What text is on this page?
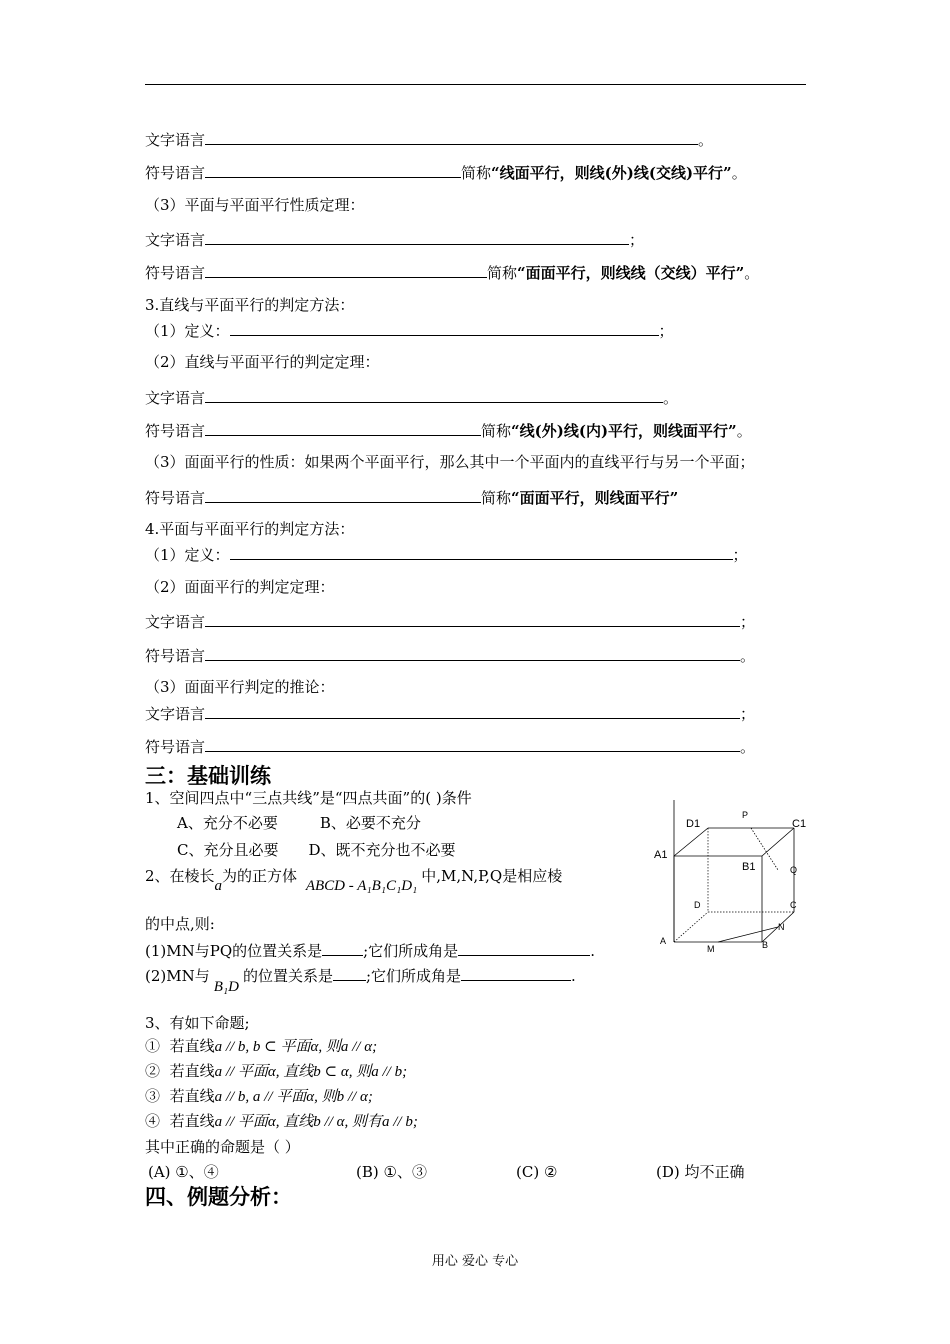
文字语言	。
符号语言	简称“线面平行，则线(外)线(交线)平行”。
（3）平面与平面平行性质定理：
文字语言	；
符号语言	简称“面面平行，则线线（交线）平行”。
3.直线与平面平行的判定方法：
（1）定义：	；
（2）直线与平面平行的判定定理：
文字语言	。
符号语言	简称“线(外)线(内)平行，则线面平行”。
（3）面面平行的性质：如果两个平面平行，那么其中一个平面内的直线平行与另一个平面；
符号语言	简称“面面平行，则线面平行”
4.平面与平面平行的判定方法：
（1）定义：	；
（2）面面平行的判定定理：
文字语言	；
符号语言	。
（3）面面平行判定的推论：
文字语言	；
符号语言	。
三：基础训练
1、空间四点中“三点共线”是“四点共面”的( )条件
A、充分不必要	B、必要不充分
C、充分且必要 D、既不充分也不必要
2、在棱长a为的正方体 ABCD - A₁B₁C₁D₁中,M,N,P,Q是相应棱
的中点,则:
(1)MN与PQ的位置关系是	;它们所成角是	.
(2)MN与B₁D的位置关系是 ;它们所成角是	.
3、有如下命题;
① 若直线a // b, b ⊂ 平面α, 则a // α;
② 若直线a // 平面α, 直线b ⊂ α, 则a // b;
③ 若直线a // b, a // 平面α, 则b // α;
④ 若直线a // 平面α, 直线b // α, 则有a // b;
其中正确的命题是（ ）
(A) ①、④	(B) ①、③	(C) ②	(D) 均不正确
四、例题分析：
P
D1	C1
A1
B1	Q
D	C
N
A
M	B
用心 爱心 专心
